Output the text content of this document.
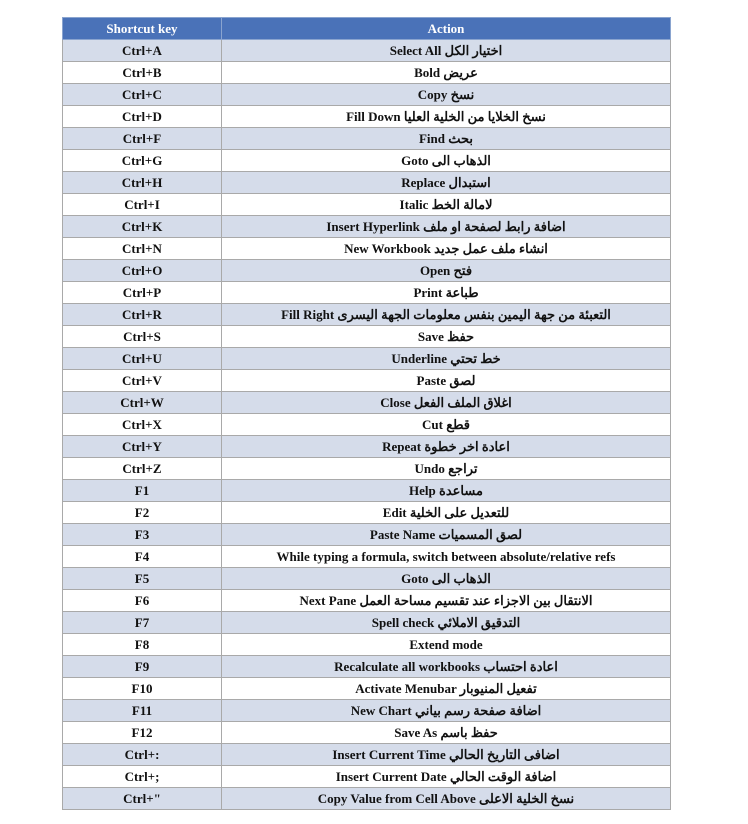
Shortcut key	Action
Ctrl+A	Select All اختيار الكل
Ctrl+B	Bold عريض
Ctrl+C	Copy نسخ
Ctrl+D	Fill Down نسخ الخلايا من الخلية العليا
Ctrl+F	Find بحث
Ctrl+G	Goto الذهاب الى
Ctrl+H	Replace استبدال
Ctrl+I	Italic لامالة الخط
Ctrl+K	Insert Hyperlink اضافة رابط لصفحة او ملف
Ctrl+N	New Workbook انشاء ملف عمل جديد
Ctrl+O	Open فتح
Ctrl+P	Print طباعة
Ctrl+R	Fill Right التعبئة من جهة اليمين بنفس معلومات الجهة اليسرى
Ctrl+S	Save حفظ
Ctrl+U	Underline خط تحتي
Ctrl+V	Paste لصق
Ctrl+W	Close اغلاق الملف الفعل
Ctrl+X	Cut قطع
Ctrl+Y	Repeat اعادة اخر خطوة
Ctrl+Z	Undo تراجع
F1	Help مساعدة
F2	Edit للتعديل على الخلية
F3	Paste Name لصق المسميات
F4	While typing a formula, switch between absolute/relative refs
F5	Goto الذهاب الى
F6	Next Pane الانتقال بين الاجزاء عند تقسيم مساحة العمل
F7	Spell check التدقيق الاملائي
F8	Extend mode
F9	Recalculate all workbooks اعادة احتساب
F10	Activate Menubar تفعيل المنيوبار
F11	New Chart اضافة صفحة رسم بياني
F12	Save As حفظ باسم
Ctrl+:	Insert Current Time اضافى التاريخ الحالي
Ctrl+;	Insert Current Date اضافة الوقت الحالي
Ctrl+"	Copy Value from Cell Above نسخ الخلية الاعلى
